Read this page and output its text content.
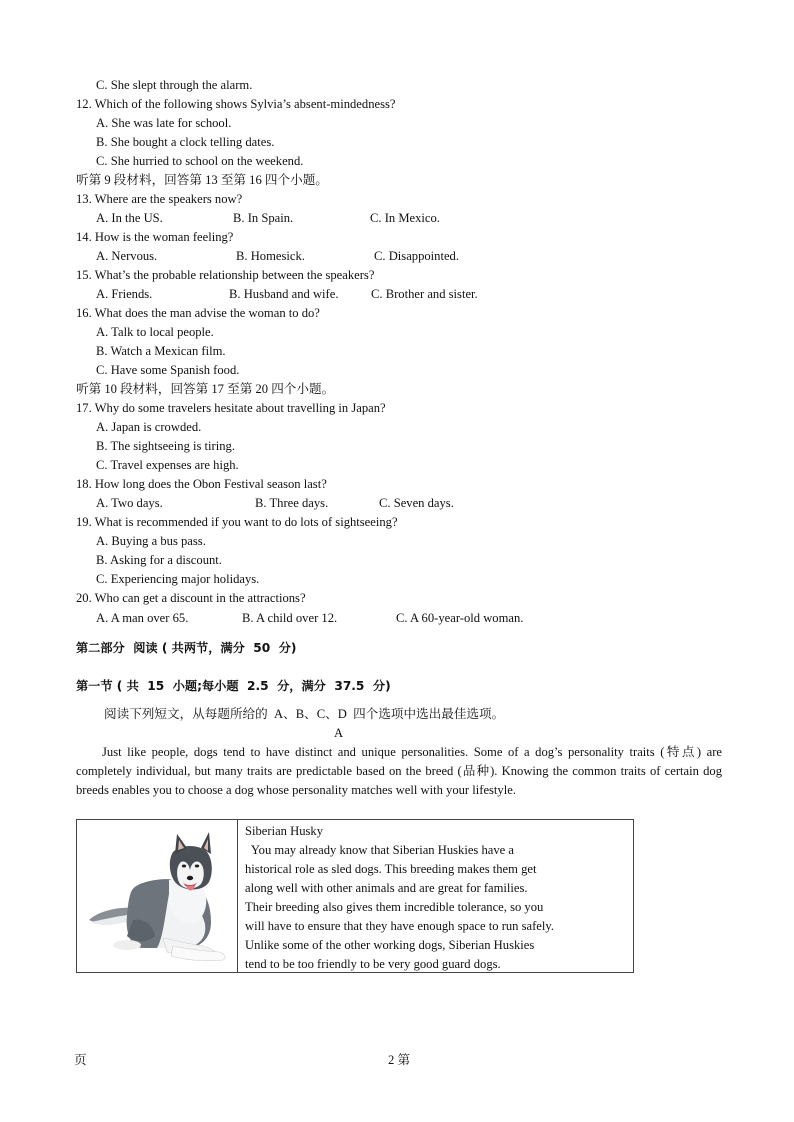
C. She slept through the alarm.
12. Which of the following shows Sylvia’s absent-mindedness?
A. She was late for school.
B. She bought a clock telling dates.
C. She hurried to school on the weekend.
听第 9 段材料，回答第 13 至第 16 四个小题。
13. Where are the speakers now?
A. In the US.	B. In Spain.	C. In Mexico.
14. How is the woman feeling?
A. Nervous.	B. Homesick.	C. Disappointed.
15. What’s the probable relationship between the speakers?
A. Friends.	B. Husband and wife.	C. Brother and sister.
16. What does the man advise the woman to do?
A. Talk to local people.
B. Watch a Mexican film.
C. Have some Spanish food.
听第 10 段材料，回答第 17 至第 20 四个小题。
17. Why do some travelers hesitate about travelling in Japan?
A. Japan is crowded.
B. The sightseeing is tiring.
C. Travel expenses are high.
18. How long does the Obon Festival season last?
A. Two days.	B. Three days.	C. Seven days.
19. What is recommended if you want to do lots of sightseeing?
A. Buying a bus pass.
B. Asking for a discount.
C. Experiencing major holidays.
20. Who can get a discount in the attractions?
A. A man over 65.	B. A child over 12.	C. A 60-year-old woman.
第二部分  阅读 ( 共两节，满分  50  分)
第一节 ( 共  15  小题;每小题  2.5  分，满分  37.5  分)
阅读下列短文，从每题所给的  A、B、C、D  四个选项中选出最佳选项。
A
Just like people, dogs tend to have distinct and unique personalities. Some of a dog’s personality traits (特点) are completely individual, but many traits are predictable based on the breed (品种). Knowing the common traits of certain dog breeds enables you to choose a dog whose personality matches well with your lifestyle.
Siberian Husky
You may already know that Siberian Huskies have a
historical role as sled dogs. This breeding makes them get
along well with other animals and are great for families.
Their breeding also gives them incredible tolerance, so you
will have to ensure that they have enough space to run safely.
Unlike some of the other working dogs, Siberian Huskies
tend to be too friendly to be very good guard dogs.
页	2 第
